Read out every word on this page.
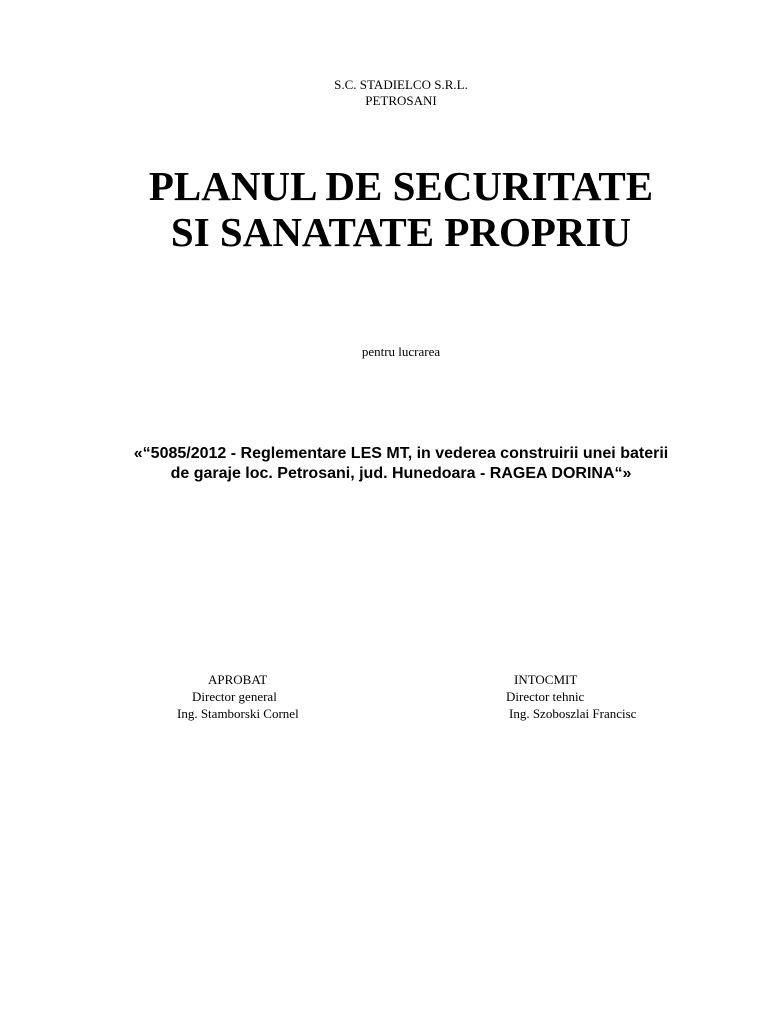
S.C. STADIELCO S.R.L.
PETROSANI
PLANUL DE SECURITATE
SI SANATATE PROPRIU
pentru lucrarea
«“5085/2012 - Reglementare LES MT, in vederea construirii unei baterii
de garaje loc. Petrosani, jud. Hunedoara - RAGEA DORINA“»
APROBAT
Director general
Ing. Stamborski Cornel
INTOCMIT
Director tehnic
Ing. Szoboszlai Francisc
